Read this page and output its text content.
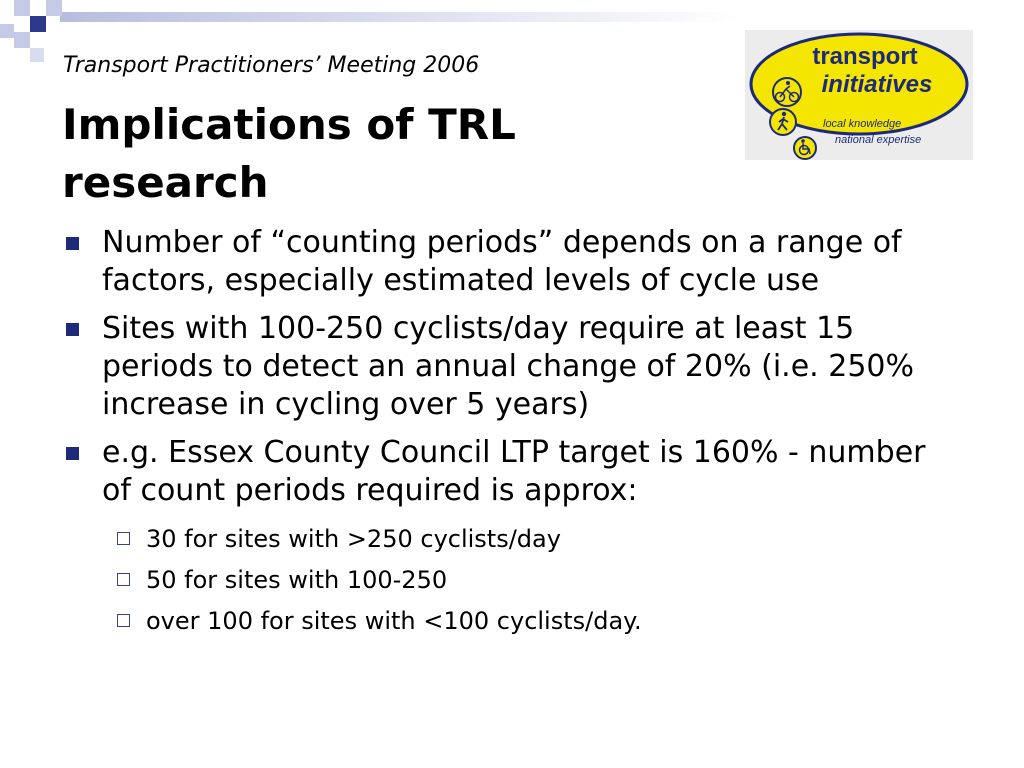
Transport Practitioners’ Meeting 2006
Implications of TRL research
transport
initiatives
local knowledge
national expertise
Number of “counting periods” depends on a range of factors, especially estimated levels of cycle use
Sites with 100-250 cyclists/day require at least 15 periods to detect an annual change of 20% (i.e. 250% increase in cycling over 5 years)
e.g. Essex County Council LTP target is 160% - number of count periods required is approx:
30 for sites with >250 cyclists/day
50 for sites with 100-250
over 100 for sites with <100 cyclists/day.
